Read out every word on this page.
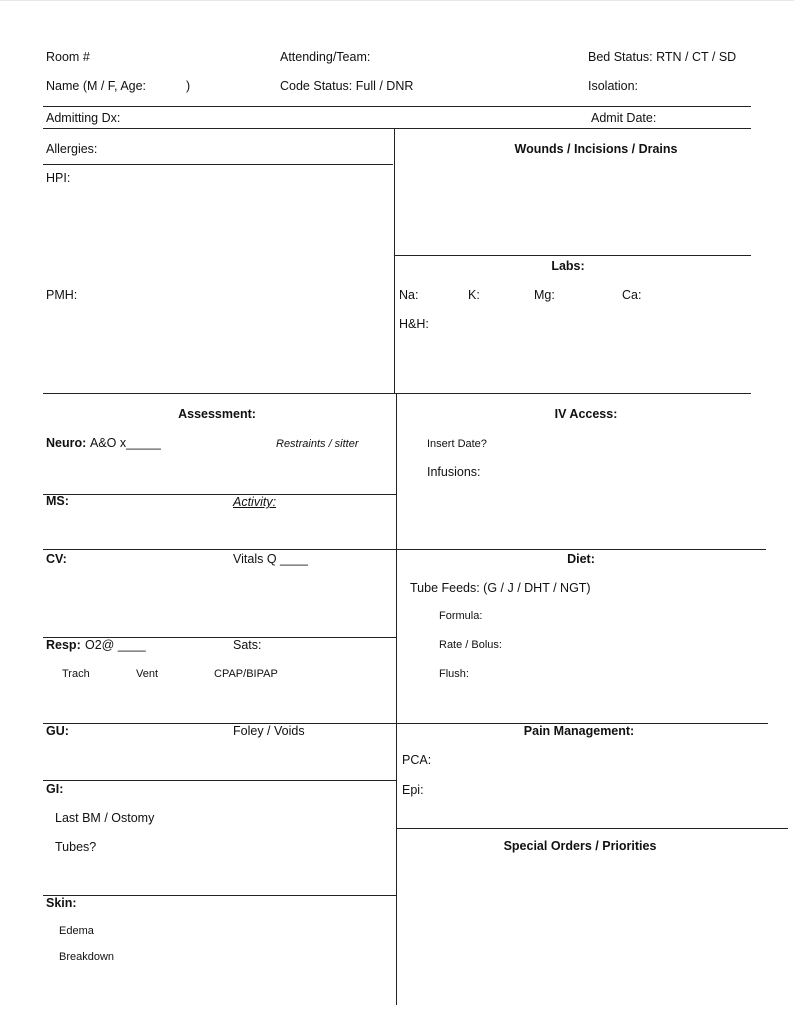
Room #	Attending/Team:	Bed Status: RTN / CT / SD
Name (M / F, Age:	)	Code Status: Full / DNR	Isolation:
Admitting Dx:	Admit Date:
Allergies:
HPI:
PMH:
Wounds / Incisions / Drains
Labs:
Na:	K:	Mg:	Ca:
H&H:
Assessment:
Neuro: A&O x_____	Restraints / sitter
MS:	Activity:
CV:	Vitals Q ____
Resp: O2@ ____	Sats:
Trach	Vent	CPAP/BIPAP
GU:	Foley / Voids
GI:
Last BM / Ostomy
Tubes?
Skin:
Edema
Breakdown
IV Access:
Insert Date?
Infusions:
Diet:
Tube Feeds: (G / J / DHT / NGT)
Formula:
Rate / Bolus:
Flush:
Pain Management:
PCA:
Epi:
Special Orders / Priorities
